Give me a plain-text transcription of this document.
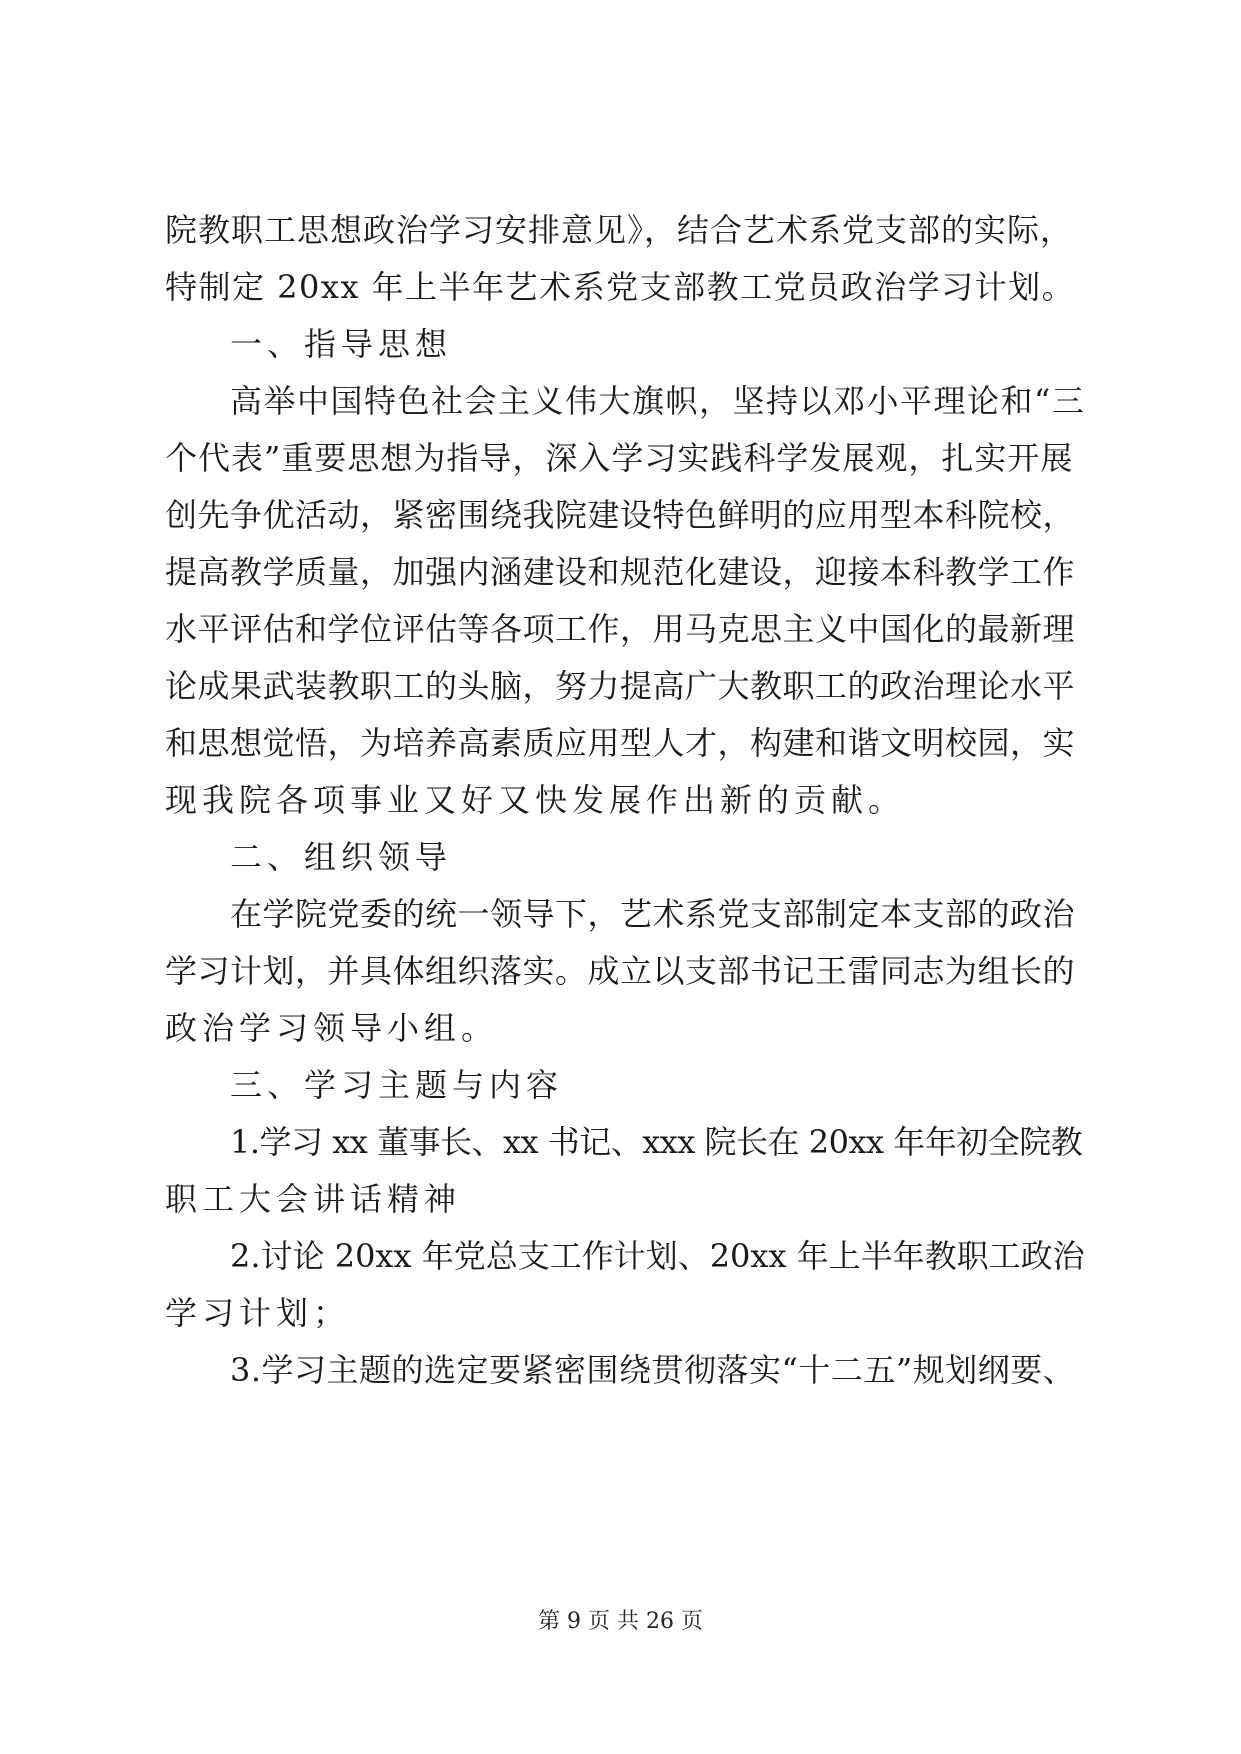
院教职工思想政治学习安排意见》，结合艺术系党支部的实际，
特制定 20xx 年上半年艺术系党支部教工党员政治学习计划。
一、指导思想
高举中国特色社会主义伟大旗帜，坚持以邓小平理论和“三
个代表”重要思想为指导，深入学习实践科学发展观，扎实开展
创先争优活动，紧密围绕我院建设特色鲜明的应用型本科院校，
提高教学质量，加强内涵建设和规范化建设，迎接本科教学工作
水平评估和学位评估等各项工作，用马克思主义中国化的最新理
论成果武装教职工的头脑，努力提高广大教职工的政治理论水平
和思想觉悟，为培养高素质应用型人才，构建和谐文明校园，实
现我院各项事业又好又快发展作出新的贡献。
二、组织领导
在学院党委的统一领导下，艺术系党支部制定本支部的政治
学习计划，并具体组织落实。成立以支部书记王雷同志为组长的
政治学习领导小组。
三、学习主题与内容
1.学习 xx 董事长、xx 书记、xxx 院长在 20xx 年年初全院教
职工大会讲话精神
2.讨论 20xx 年党总支工作计划、20xx 年上半年教职工政治
学习计划；
3.学习主题的选定要紧密围绕贯彻落实“十二五”规划纲要、
第 9 页 共 26 页
